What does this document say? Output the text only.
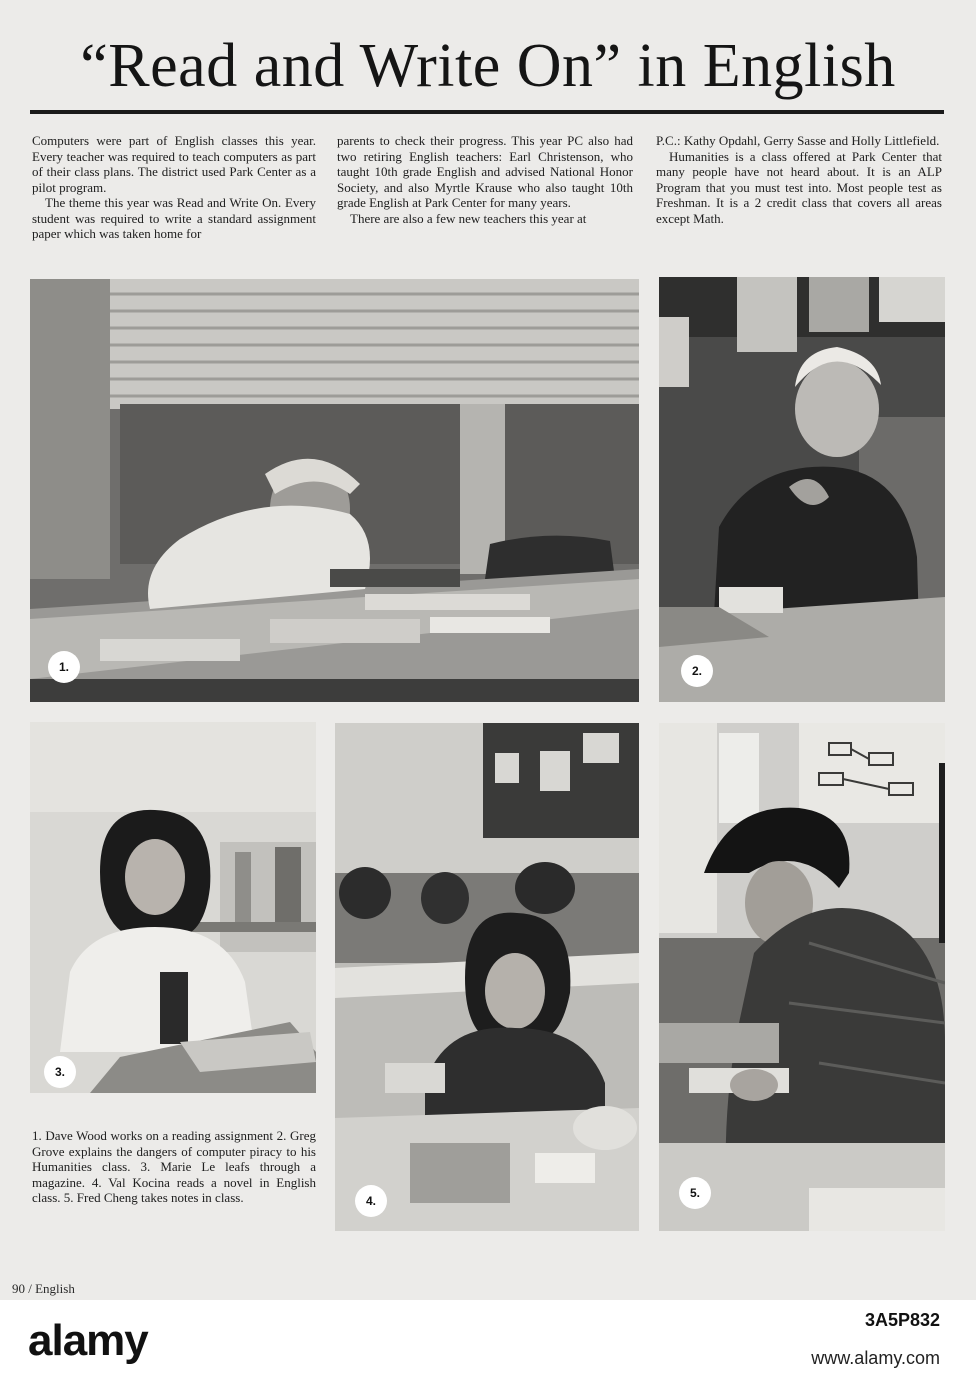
“Read and Write On” in English

Computers were part of English classes this year. Every teacher was required to teach computers as part of their class plans. The district used Park Center as a pilot program.

The theme this year was Read and Write On. Every student was required to write a standard assignment paper which was taken home for

parents to check their progress. This year PC also had two retiring English teachers: Earl Christenson, who taught 10th grade English and advised National Honor Society, and also Myrtle Krause who also taught 10th grade English at Park Center for many years.

There are also a few new teachers this year at

P.C.: Kathy Opdahl, Gerry Sasse and Holly Littlefield.

Humanities is a class offered at Park Center that many people have not heard about. It is an ALP Program that you must test into. Most people test as Freshman. It is a 2 credit class that covers all areas except Math.

1.	2.
3.
4.
5.

1. Dave Wood works on a reading assignment 2. Greg Grove explains the dangers of computer piracy to his Humanities class. 3. Marie Le leafs through a magazine. 4. Val Kocina reads a novel in English class. 5. Fred Cheng takes notes in class.

90 / English

alamy	3A5P832

www.alamy.com
